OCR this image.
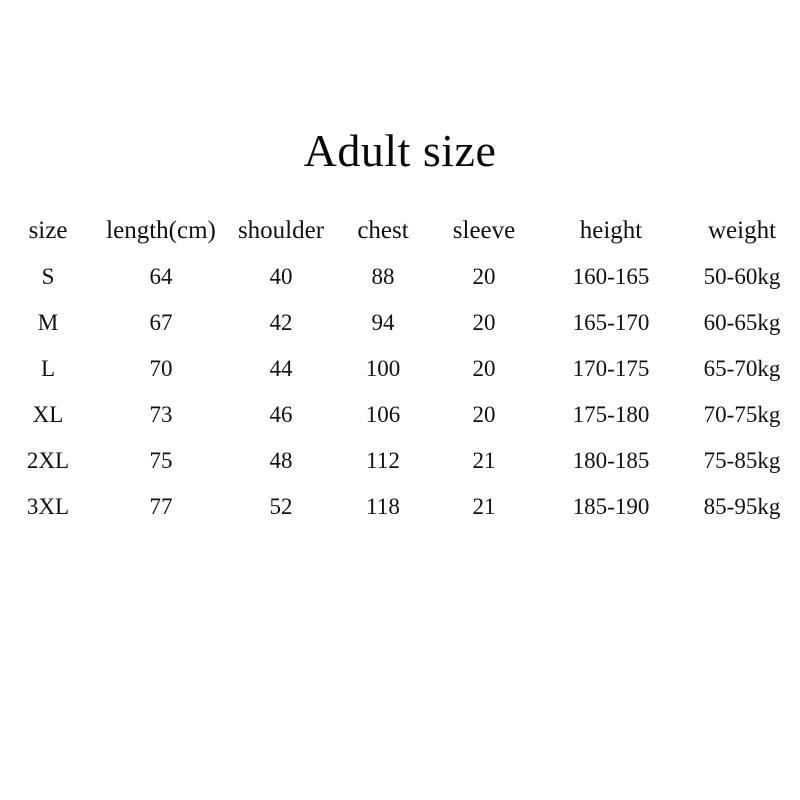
Adult size
size	length(cm)	shoulder	chest	sleeve	height	weight
S	64	40	88	20	160-165	50-60kg
M	67	42	94	20	165-170	60-65kg
L	70	44	100	20	170-175	65-70kg
XL	73	46	106	20	175-180	70-75kg
2XL	75	48	112	21	180-185	75-85kg
3XL	77	52	118	21	185-190	85-95kg
